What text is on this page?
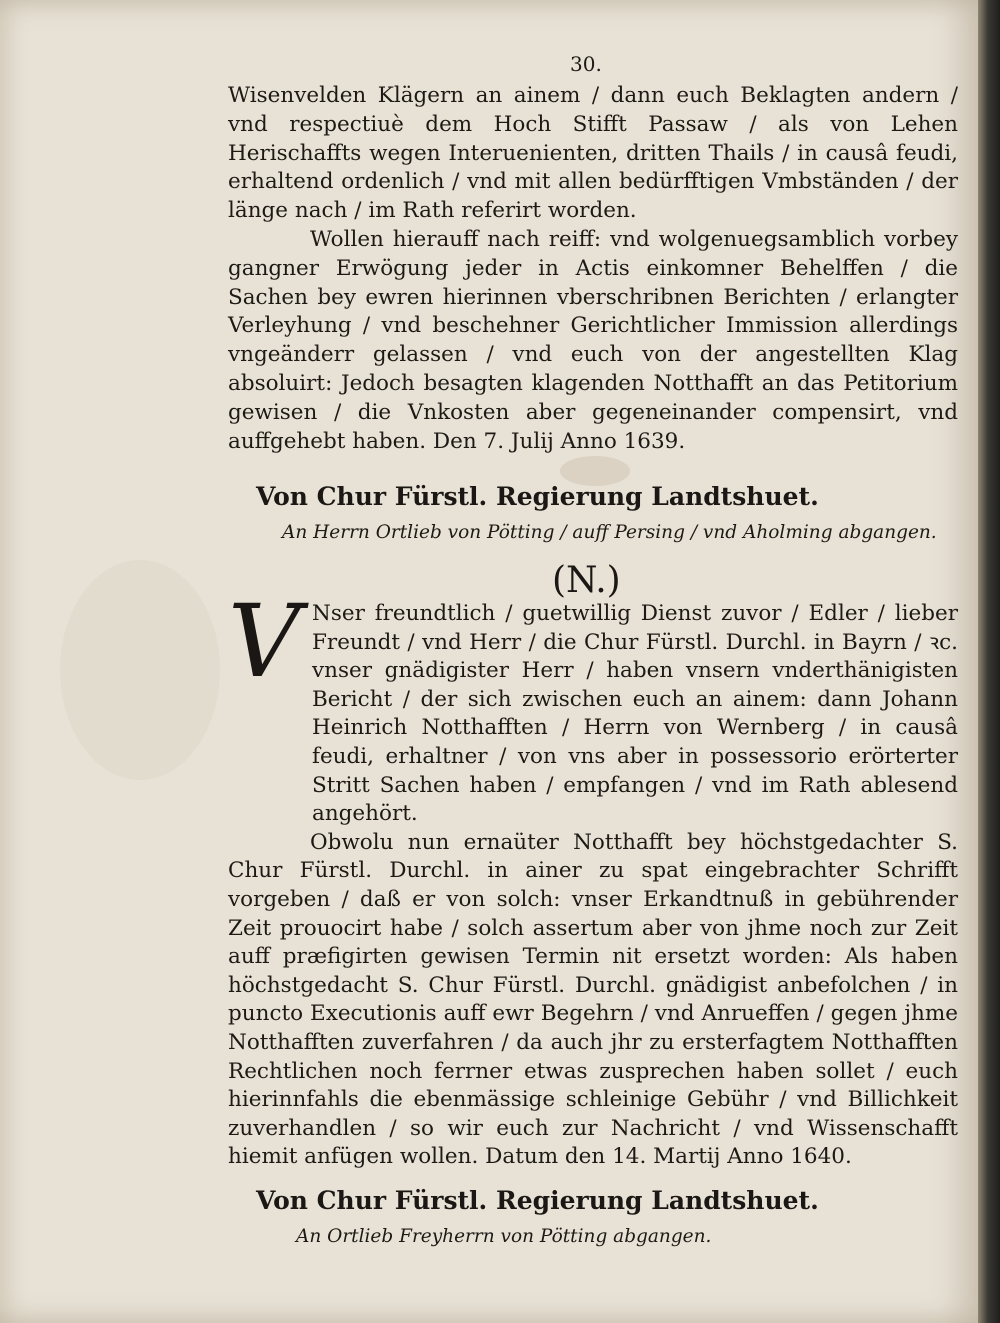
30.

Wisenvelden Klägern an ainem / dann euch Beklagten andern / vnd respectiuè dem Hoch Stifft Passaw / als von Lehen Herischaffts wegen Interuenienten, dritten Thails / in causâ feudi, erhaltend ordenlich / vnd mit allen bedürfftigen Vmbständen / der länge nach / im Rath referirt worden.

Wollen hierauff nach reiff: vnd wolgenuegsamblich vorbey gangner Erwögung jeder in Actis einkomner Behelffen / die Sachen bey ewren hierinnen vberschribnen Berichten / erlangter Verleyhung / vnd beschehner Gerichtlicher Immission allerdings vngeänderr gelassen / vnd euch von der angestellten Klag absoluirt: Jedoch besagten klagenden Notthafft an das Petitorium gewisen / die Vnkosten aber gegeneinander compensirt, vnd auffgehebt haben. Den 7. Julij Anno 1639.

Von Chur Fürstl. Regierung Landtshuet.
An Herrn Ortlieb von Pötting / auff Persing / vnd Aholming abgangen.
(N.)
V Nser freundtlich / guetwillig Dienst zuvor / Edler / lieber Freundt / vnd Herr / die Chur Fürstl. Durchl. in Bayrn / ꝛc. vnser gnädigister Herr / haben vnsern vnderthänigisten Bericht / der sich zwischen euch an ainem: dann Johann Heinrich Notthafften / Herrn von Wernberg / in causâ feudi, erhaltner / von vns aber in possessorio erörterter Stritt Sachen haben / empfangen / vnd im Rath ablesend angehört.

Obwolu nun ernaüter Notthafft bey höchstgedachter S. Chur Fürstl. Durchl. in ainer zu spat eingebrachter Schrifft vorgeben / daß er von solch: vnser Erkandtnuß in gebührender Zeit prouocirt habe / solch assertum aber von jhme noch zur Zeit auff præfigirten gewisen Termin nit ersetzt worden: Als haben höchstgedacht S. Chur Fürstl. Durchl. gnädigist anbefolchen / in puncto Executionis auff ewr Begehrn / vnd Anrueffen / gegen jhme Notthafften zuverfahren / da auch jhr zu ersterfagtem Notthafften Rechtlichen noch ferrner etwas zusprechen haben sollet / euch hierinnfahls die ebenmässige schleinige Gebühr / vnd Billichkeit zuverhandlen / so wir euch zur Nachricht / vnd Wissenschafft hiemit anfügen wollen. Datum den 14. Martij Anno 1640.

Von Chur Fürstl. Regierung Landtshuet.
An Ortlieb Freyherrn von Pötting abgangen.
